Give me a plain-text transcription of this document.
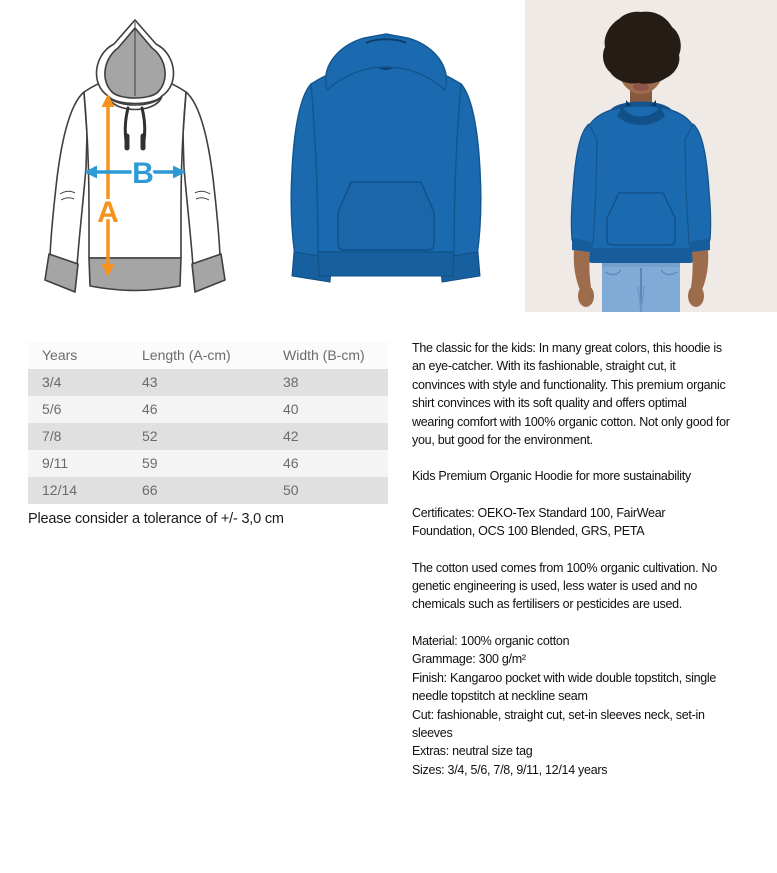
A
B
Years	Length (A-cm)	Width (B-cm)
3/4	43	38
5/6	46	40
7/8	52	42
9/11	59	46
12/14	66	50
Please consider a tolerance of +/- 3,0 cm

The classic for the kids: In many great colors, this hoodie is an eye-catcher. With its fashionable, straight cut, it convinces with style and functionality. This premium organic shirt convinces with its soft quality and offers optimal wearing comfort with 100% organic cotton. Not only good for you, but good for the environment.

Kids Premium Organic Hoodie for more sustainability

Certificates: OEKO-Tex Standard 100, FairWear Foundation, OCS 100 Blended, GRS, PETA

The cotton used comes from 100% organic cultivation. No genetic engineering is used, less water is used and no chemicals such as fertilisers or pesticides are used.

Material: 100% organic cotton
Grammage: 300 g/m²
Finish: Kangaroo pocket with wide double topstitch, single needle topstitch at neckline seam
Cut: fashionable, straight cut, set-in sleeves neck, set-in sleeves
Extras: neutral size tag
Sizes: 3/4, 5/6, 7/8, 9/11, 12/14 years
